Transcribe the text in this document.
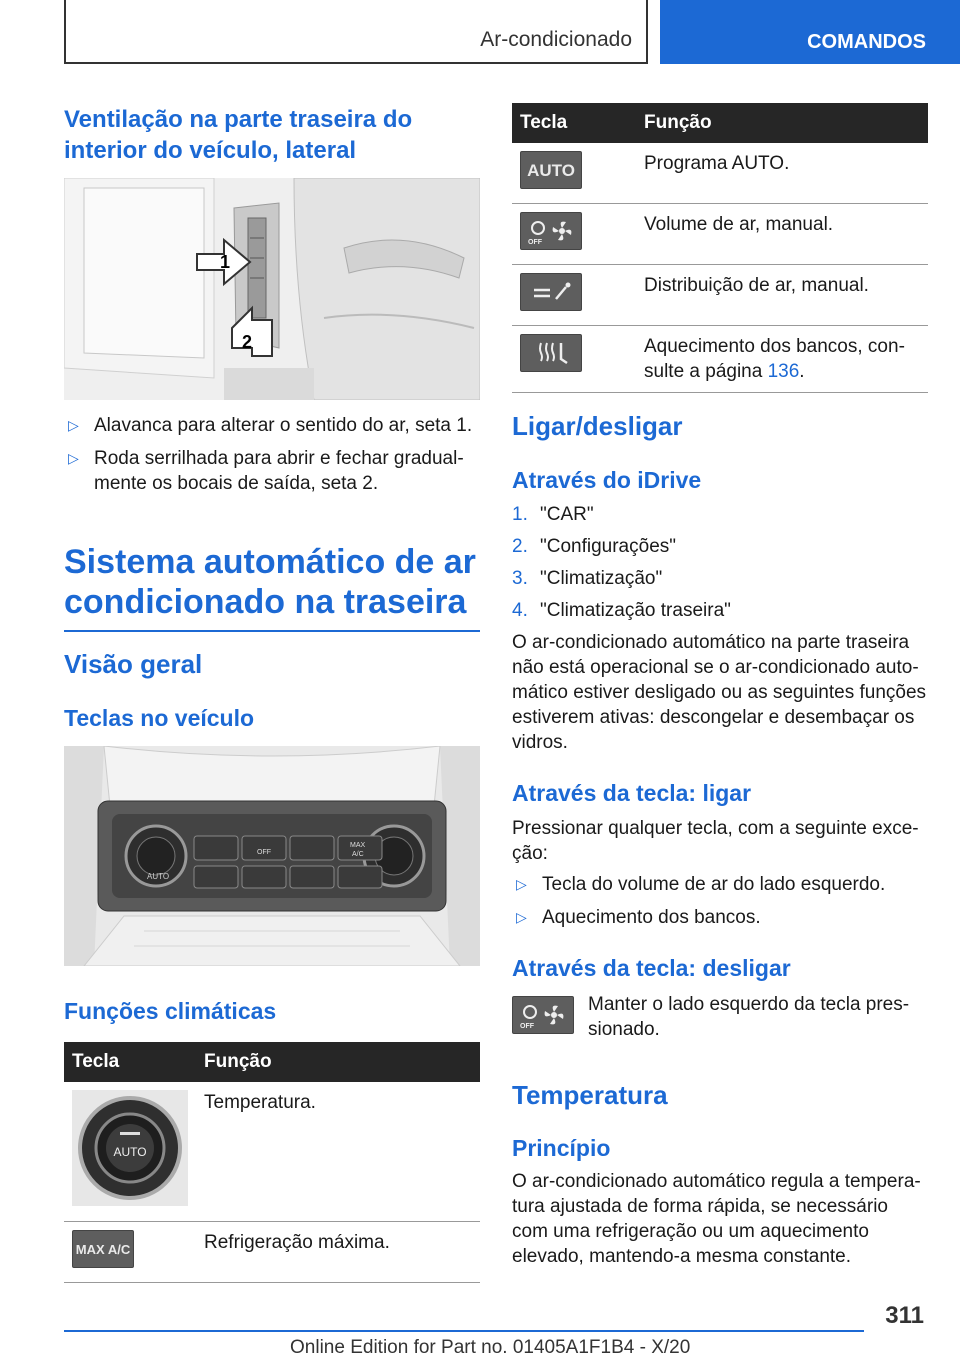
Ar-condicionado	COMANDOS
Ventilação na parte traseira do interior do veículo, lateral
1
2
▷ Alavanca para alterar o sentido do ar, seta 1.
▷ Roda serrilhada para abrir e fechar gradualmente os bocais de saída, seta 2.
Sistema automático de ar condicionado na traseira
Visão geral
Teclas no veículo
AUTO
OFF
MAX
A/C
Funções climáticas
Tecla	Função

AUTO	Temperatura.

MAX A/C	Refrigeração máxima.
Tecla	Função

AUTO	Programa AUTO.

OFF	Volume de ar, manual.

	Distribuição de ar, manual.

	Aquecimento dos bancos, consulte a página 136.
Ligar/desligar
Através do iDrive
1. "CAR"
2. "Configurações"
3. "Climatização"
4. "Climatização traseira"

O ar-condicionado automático na parte traseira não está operacional se o ar-condicionado automático estiver desligado ou as seguintes funções estiverem ativas: descongelar e desembaçar os vidros.

Através da tecla: ligar

Pressionar qualquer tecla, com a seguinte exceção:

▷ Tecla do volume de ar do lado esquerdo.
▷ Aquecimento dos bancos.
Através da tecla: desligar
OFF

Manter o lado esquerdo da tecla pressionado.

Temperatura
Princípio

O ar-condicionado automático regula a temperatura ajustada de forma rápida, se necessário com uma refrigeração ou um aquecimento elevado, mantendo-a mesma constante.

311
Online Edition for Part no. 01405A1F1B4 - X/20
